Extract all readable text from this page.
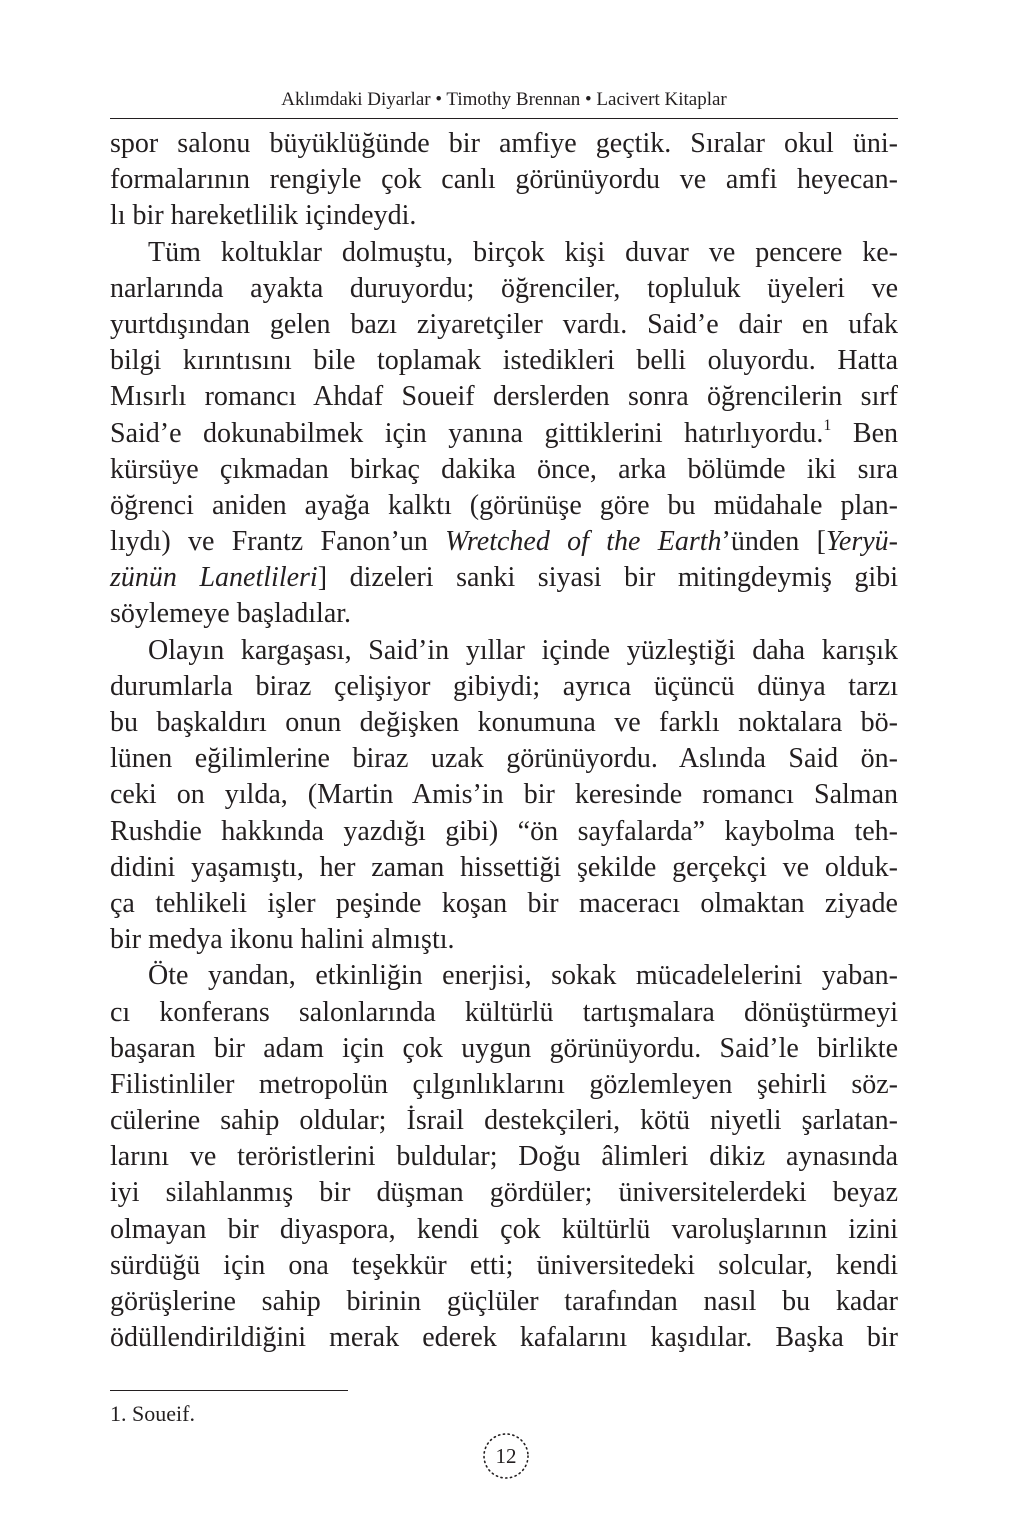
Aklımdaki Diyarlar • Timothy Brennan • Lacivert Kitaplar
spor salonu büyüklüğünde bir amfiye geçtik. Sıralar okul üni-
formalarının rengiyle çok canlı görünüyordu ve amfi heyecan-
lı bir hareketlilik içindeydi.
Tüm koltuklar dolmuştu, birçok kişi duvar ve pencere ke-
narlarında ayakta duruyordu; öğrenciler, topluluk üyeleri ve
yurtdışından gelen bazı ziyaretçiler vardı. Said’e dair en ufak
bilgi kırıntısını bile toplamak istedikleri belli oluyordu. Hatta
Mısırlı romancı Ahdaf Soueif derslerden sonra öğrencilerin sırf
Said’e dokunabilmek için yanına gittiklerini hatırlıyordu.$^1$ Ben
kürsüye çıkmadan birkaç dakika önce, arka bölümde iki sıra
öğrenci aniden ayağa kalktı (görünüşe göre bu müdahale plan-
lıydı) ve Frantz Fanon’un Wretched of the Earth’ünden [Yeryü-
zünün Lanetlileri] dizeleri sanki siyasi bir mitingdeymiş gibi
söylemeye başladılar.
Olayın kargaşası, Said’in yıllar içinde yüzleştiği daha karışık
durumlarla biraz çelişiyor gibiydi; ayrıca üçüncü dünya tarzı
bu başkaldırı onun değişken konumuna ve farklı noktalara bö-
lünen eğilimlerine biraz uzak görünüyordu. Aslında Said ön-
ceki on yılda, (Martin Amis’in bir keresinde romancı Salman
Rushdie hakkında yazdığı gibi) “ön sayfalarda” kaybolma teh-
didini yaşamıştı, her zaman hissettiği şekilde gerçekçi ve olduk-
ça tehlikeli işler peşinde koşan bir maceracı olmaktan ziyade
bir medya ikonu halini almıştı.
Öte yandan, etkinliğin enerjisi, sokak mücadelelerini yaban-
cı konferans salonlarında kültürlü tartışmalara dönüştürmeyi
başaran bir adam için çok uygun görünüyordu. Said’le birlikte
Filistinliler metropolün çılgınlıklarını gözlemleyen şehirli söz-
cülerine sahip oldular; İsrail destekçileri, kötü niyetli şarlatan-
larını ve teröristlerini buldular; Doğu âlimleri dikiz aynasında
iyi silahlanmış bir düşman gördüler; üniversitelerdeki beyaz
olmayan bir diyaspora, kendi çok kültürlü varoluşlarının izini
sürdüğü için ona teşekkür etti; üniversitedeki solcular, kendi
görüşlerine sahip birinin güçlüler tarafından nasıl bu kadar
ödüllendirildiğini merak ederek kafalarını kaşıdılar. Başka bir
1. Soueif.
12
